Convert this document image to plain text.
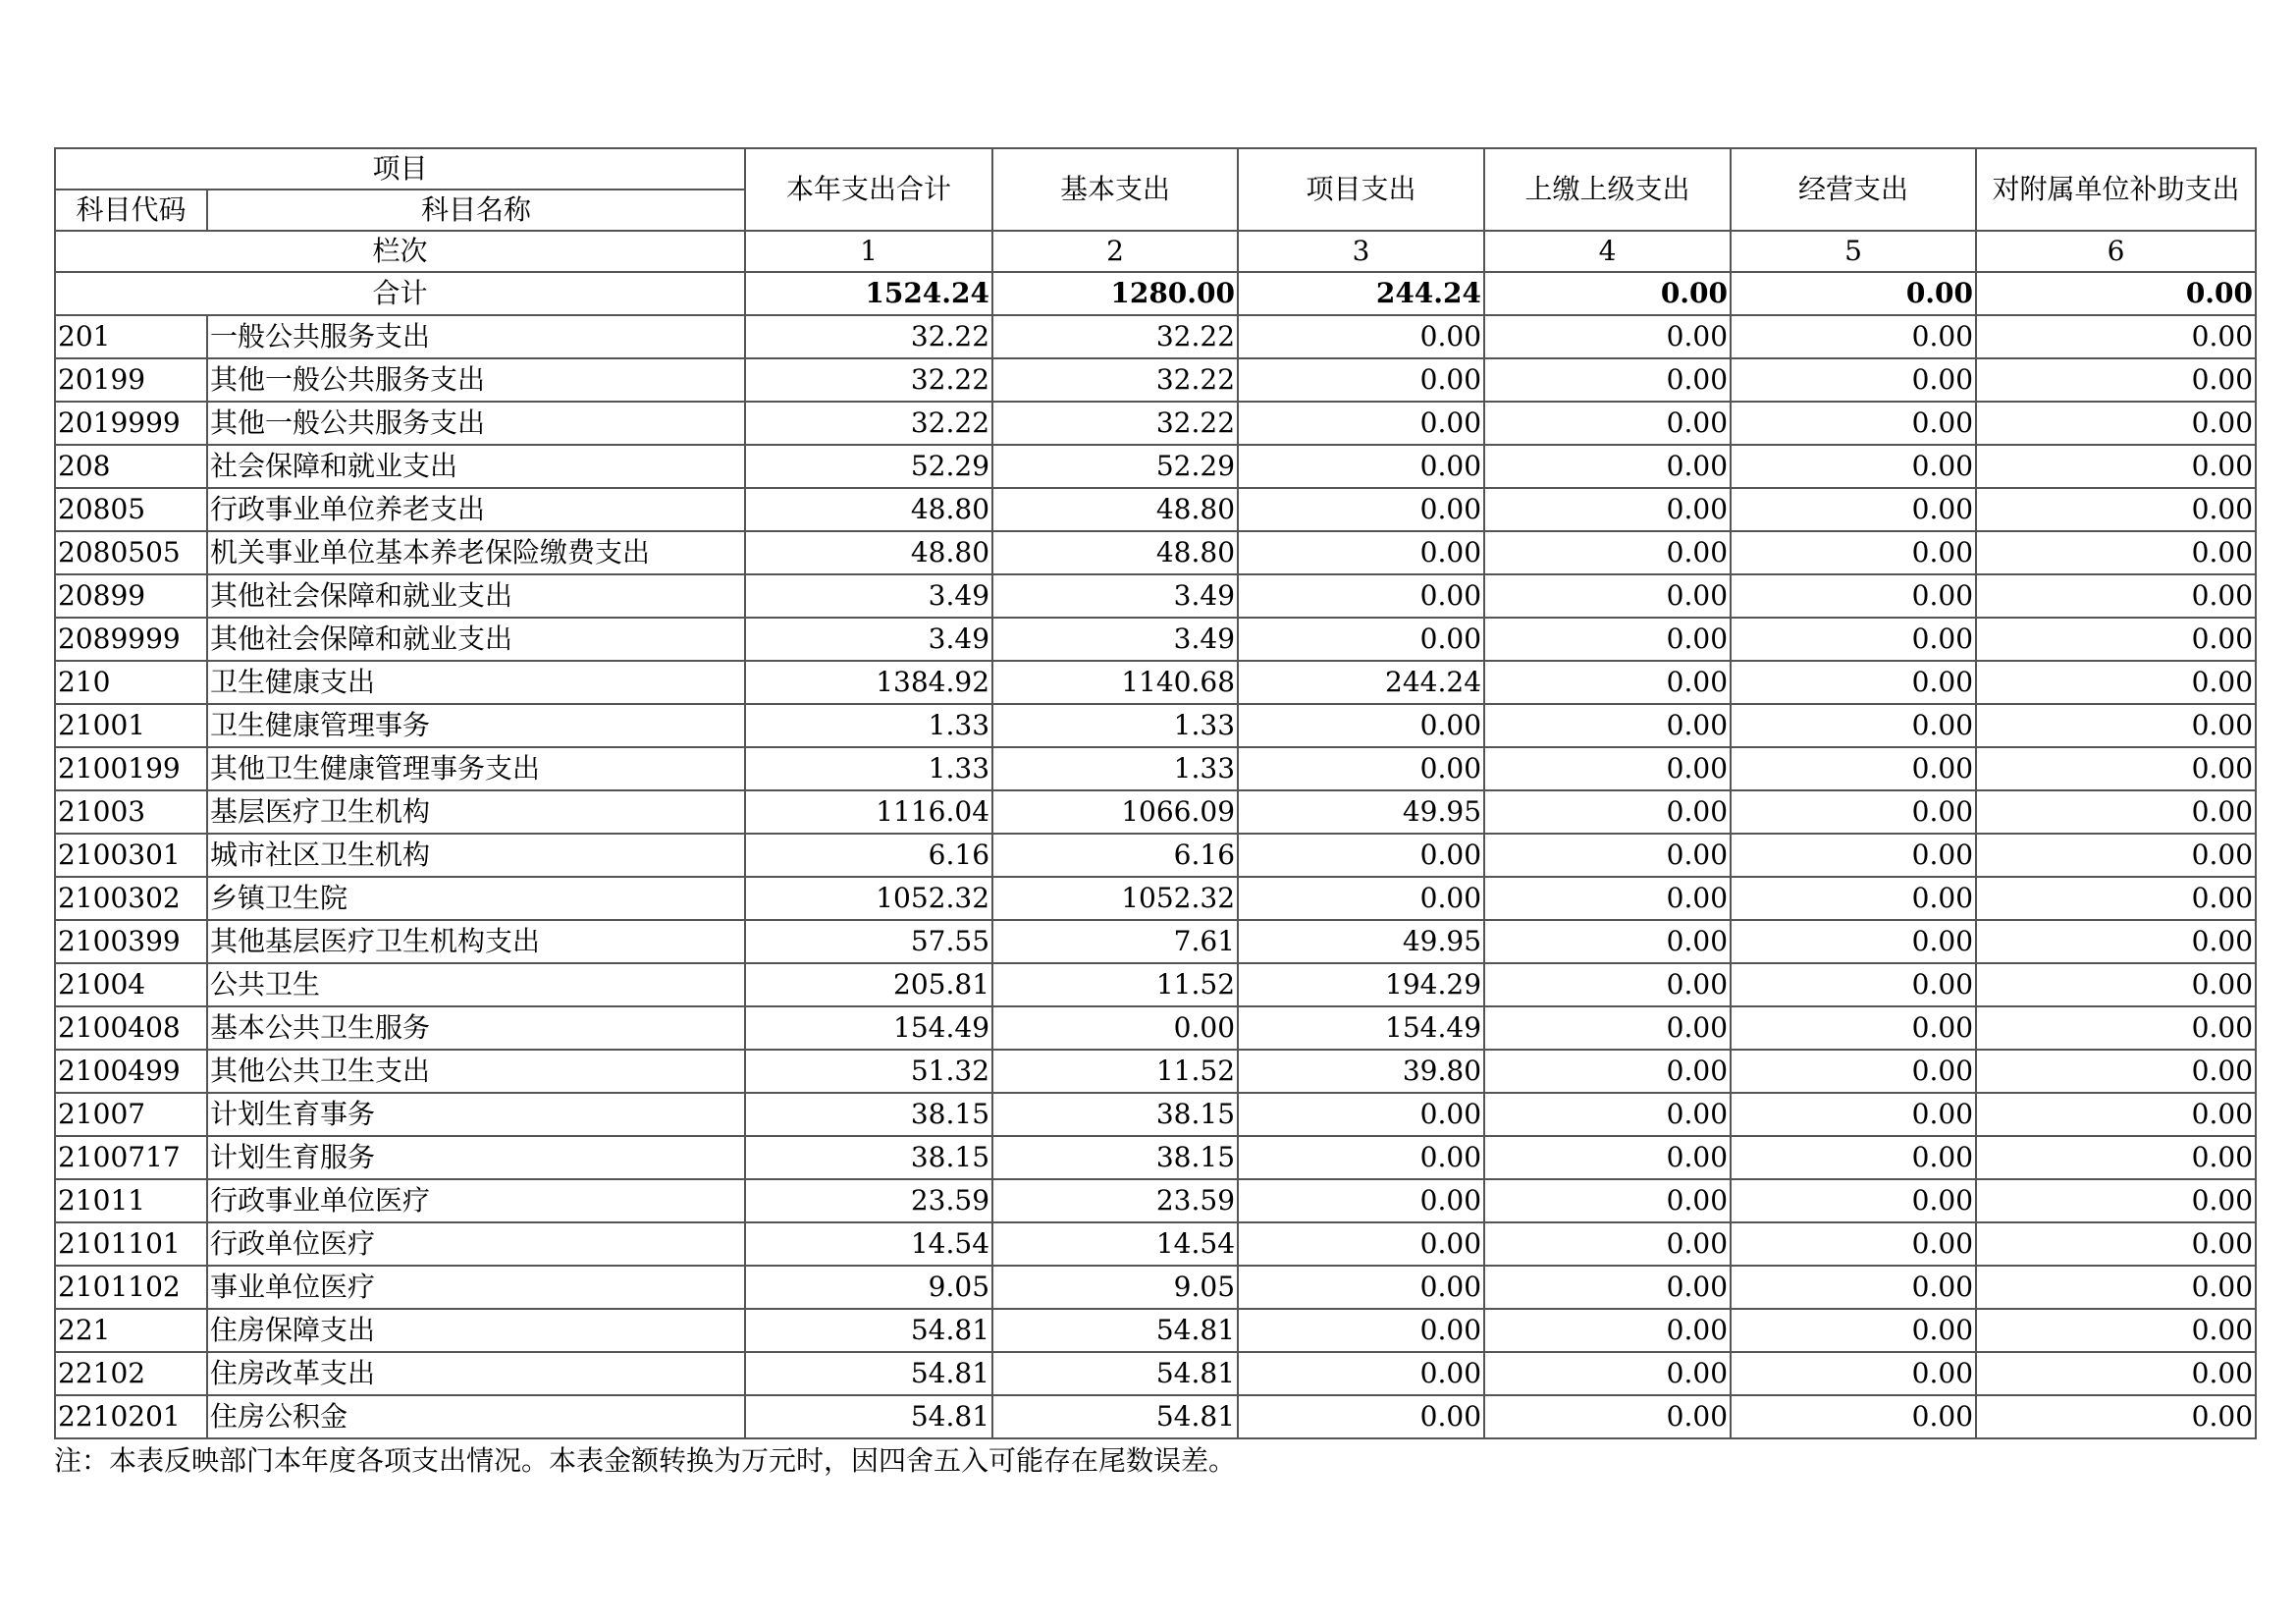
项目		本年支出合计	基本支出	项目支出	上缴上级支出	经营支出	对附属单位补助支出
科目代码	科目名称						
栏次		1	2	3	4	5	6
合计		1524.24	1280.00	244.24	0.00	0.00	0.00
201	一般公共服务支出	32.22	32.22	0.00	0.00	0.00	0.00
20199	其他一般公共服务支出	32.22	32.22	0.00	0.00	0.00	0.00
2019999	其他一般公共服务支出	32.22	32.22	0.00	0.00	0.00	0.00
208	社会保障和就业支出	52.29	52.29	0.00	0.00	0.00	0.00
20805	行政事业单位养老支出	48.80	48.80	0.00	0.00	0.00	0.00
2080505	机关事业单位基本养老保险缴费支出	48.80	48.80	0.00	0.00	0.00	0.00
20899	其他社会保障和就业支出	3.49	3.49	0.00	0.00	0.00	0.00
2089999	其他社会保障和就业支出	3.49	3.49	0.00	0.00	0.00	0.00
210	卫生健康支出	1384.92	1140.68	244.24	0.00	0.00	0.00
21001	卫生健康管理事务	1.33	1.33	0.00	0.00	0.00	0.00
2100199	其他卫生健康管理事务支出	1.33	1.33	0.00	0.00	0.00	0.00
21003	基层医疗卫生机构	1116.04	1066.09	49.95	0.00	0.00	0.00
2100301	城市社区卫生机构	6.16	6.16	0.00	0.00	0.00	0.00
2100302	乡镇卫生院	1052.32	1052.32	0.00	0.00	0.00	0.00
2100399	其他基层医疗卫生机构支出	57.55	7.61	49.95	0.00	0.00	0.00
21004	公共卫生	205.81	11.52	194.29	0.00	0.00	0.00
2100408	基本公共卫生服务	154.49	0.00	154.49	0.00	0.00	0.00
2100499	其他公共卫生支出	51.32	11.52	39.80	0.00	0.00	0.00
21007	计划生育事务	38.15	38.15	0.00	0.00	0.00	0.00
2100717	计划生育服务	38.15	38.15	0.00	0.00	0.00	0.00
21011	行政事业单位医疗	23.59	23.59	0.00	0.00	0.00	0.00
2101101	行政单位医疗	14.54	14.54	0.00	0.00	0.00	0.00
2101102	事业单位医疗	9.05	9.05	0.00	0.00	0.00	0.00
221	住房保障支出	54.81	54.81	0.00	0.00	0.00	0.00
22102	住房改革支出	54.81	54.81	0.00	0.00	0.00	0.00
2210201	住房公积金	54.81	54.81	0.00	0.00	0.00	0.00
注：本表反映部门本年度各项支出情况。本表金额转换为万元时，因四舍五入可能存在尾数误差。
